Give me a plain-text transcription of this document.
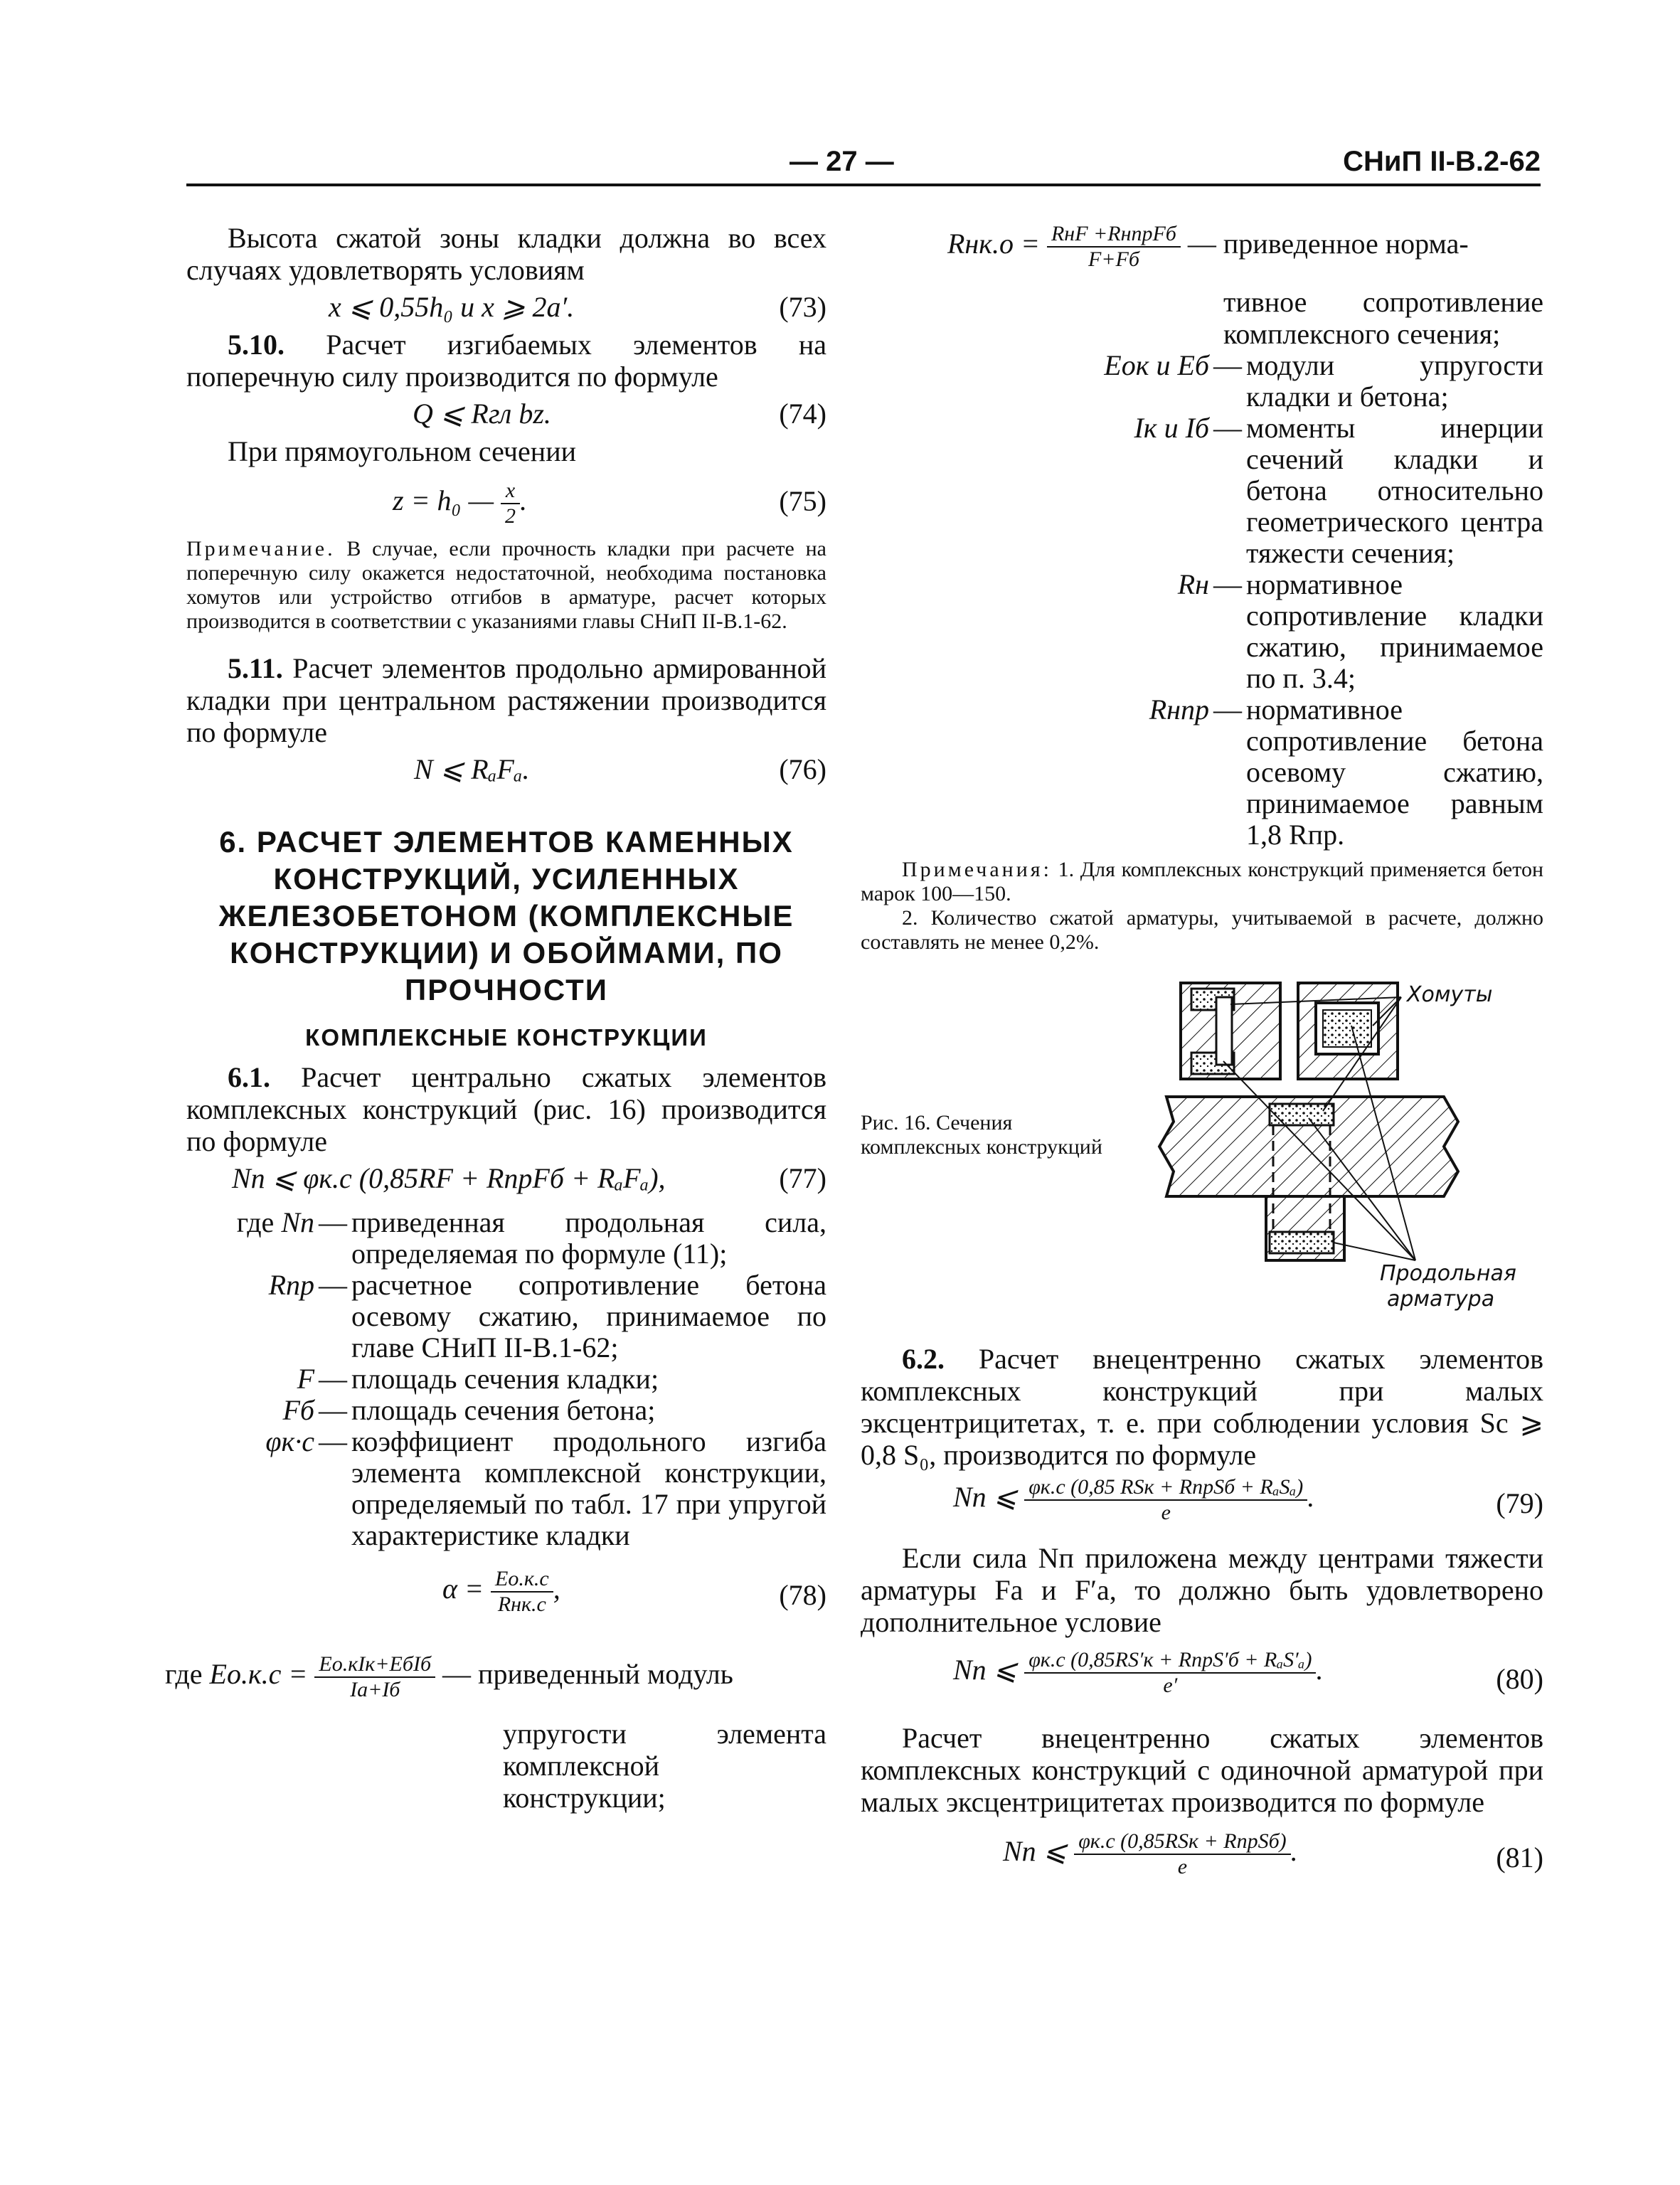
— 27 —	СНиП II-В.2-62

Высота сжатой зоны кладки должна во всех случаях удовлетворять условиям

x ⩽ 0,55h₀ и x ⩾ 2a′.	(73)

5.10. Расчет изгибаемых элементов на поперечную силу производится по формуле

Q ⩽ Rгл bz.	(74)

При прямоугольном сечении

z = h₀ — $\frac{x}{2}$ .	(75)
Примечание. В случае, если прочность кладки при расчете на поперечную силу окажется недостаточной, необходима постановка хомутов или устройство отгибов в арматуре, расчет которых производится в соответствии с указаниями главы СНиП II-В.1-62.

5.11. Расчет элементов продольно армированной кладки при центральном растяжении производится по формуле

N ⩽ RₐFₐ.	(76)
6. РАСЧЕТ ЭЛЕМЕНТОВ КАМЕННЫХ КОНСТРУКЦИЙ, УСИЛЕННЫХ ЖЕЛЕЗОБЕТОНОМ (КОМПЛЕКСНЫЕ КОНСТРУКЦИИ) И ОБОЙМАМИ, ПО ПРОЧНОСТИ
КОМПЛЕКСНЫЕ КОНСТРУКЦИИ

6.1. Расчет центрально сжатых элементов комплексных конструкций (рис. 16) производится по формуле

Nп ⩽ φк.с (0,85RF + RпрFб + RₐFₐ),	(77)
где Nп — приведенная продольная сила, определяемая по формуле (11);
Rпр — расчетное сопротивление бетона осевому сжатию, принимаемое по главе СНиП II-В.1-62;
F — площадь сечения кладки;
Fб — площадь сечения бетона;
φк·с — коэффициент продольного изгиба элемента комплексной конструкции, определяемый по табл. 17 при упругой характеристике кладки
$\alpha = \frac{Eо.к.с}{\text{Rнк.с}}$ ,	(78)
где $Eо.к.с = \frac{\text{Eо.кIк+EбIб}}{Iа+Iб}$ — приведенный модуль

упругости элемента комплексной конструкции;

$Rнк.о = \frac{\text{RнF +RнпрFб}}{F+Fб}$ — приведенное норма-

тивное сопротивление комплексного сечения;

Eок и Eб — модули упругости кладки и бетона;
Iк и Iб — моменты инерции сечений кладки и бетона относительно геометрического центра тяжести сечения;
Rн — нормативное сопротивление кладки сжатию, принимаемое по п. 3.4;
Rнпр — нормативное сопротивление бетона осевому сжатию, принимаемое равным 1,8 Rпр.
Примечания: 1. Для комплексных конструкций применяется бетон марок 100—150.
2. Количество сжатой арматуры, учитываемой в расчете, должно составлять не менее 0,2%.
Рис. 16. Сечения комплексных конструкций
Хомуты
Продольная
арматура

6.2. Расчет внецентренно сжатых элементов комплексных конструкций при малых эксцентрицитетах, т. е. при соблюдении условия Sc ⩾ 0,8 S₀, производится по формуле

Nп ⩽ $\frac{\text{φк.с (0,85 RSк + RпрSб + RₐSₐ)}}{e}$ .	(79)

Если сила Nп приложена между центрами тяжести арматуры Fа и F′а, то должно быть удовлетворено дополнительное условие

Nп ⩽ $\frac{\text{φк.с (0,85RS′к + RпрS′б + RₐS′ₐ)}}{e'}$ .	(80)

Расчет внецентренно сжатых элементов комплексных конструкций с одиночной арматурой при малых эксцентрицитетах производится по формуле

Nп ⩽ $\frac{\text{φк.с (0,85RSк + RпрSб)}}{e}$ .	(81)
